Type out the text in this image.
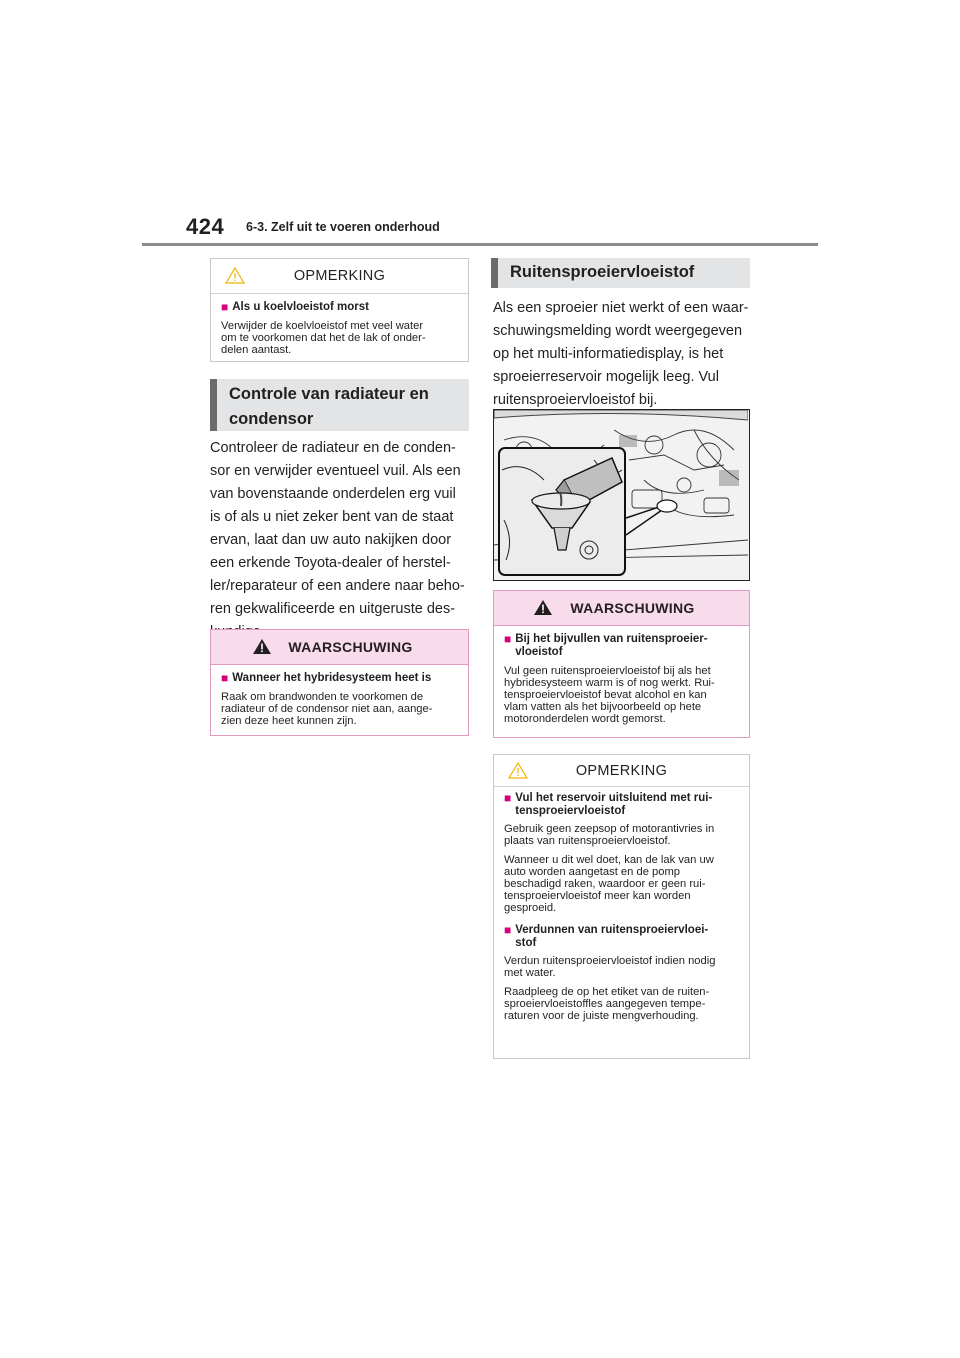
424 6-3. Zelf uit te voeren onderhoud
OPMERKING
■ Als u koelvloeistof morst
Verwijder de koelvloeistof met veel water
om te voorkomen dat het de lak of onder-
delen aantast.
Controle van radiateur en
condensor
Controleer de radiateur en de conden-
sor en verwijder eventueel vuil. Als een
van bovenstaande onderdelen erg vuil
is of als u niet zeker bent van de staat
ervan, laat dan uw auto nakijken door
een erkende Toyota-dealer of herstel-
ler/reparateur of een andere naar beho-
ren gekwalificeerde en uitgeruste des-
WAARSCHUWING
■ Wanneer het hybridesysteem heet is
Raak om brandwonden te voorkomen de
radiateur of de condensor niet aan, aange-
zien deze heet kunnen zijn.
Ruitensproeiervloeistof
Als een sproeier niet werkt of een waar-
schuwingsmelding wordt weergegeven
op het multi-informatiedisplay, is het
sproeierreservoir mogelijk leeg. Vul
ruitensproeiervloeistof bij.
WAARSCHUWING
■ Bij het bijvullen van ruitensproeier-
vloeistof
Vul geen ruitensproeiervloeistof bij als het
hybridesysteem warm is of nog werkt. Rui-
tensproeiervloeistof bevat alcohol en kan
vlam vatten als het bijvoorbeeld op hete
motoronderdelen wordt gemorst.
OPMERKING
■ Vul het reservoir uitsluitend met rui-
tensproeiervloeistof

Gebruik geen zeepsop of motorantivries in
plaats van ruitensproeiervloeistof.

Wanneer u dit wel doet, kan de lak van uw
auto worden aangetast en de pomp
beschadigd raken, waardoor er geen rui-
tensproeiervloeistof meer kan worden
gesproeid.

■ Verdunnen van ruitensproeiervloei-
stof

Verdun ruitensproeiervloeistof indien nodig
met water.

Raadpleeg de op het etiket van de ruiten-
sproeiervloeistoffles aangegeven tempe-
raturen voor de juiste mengverhouding.
